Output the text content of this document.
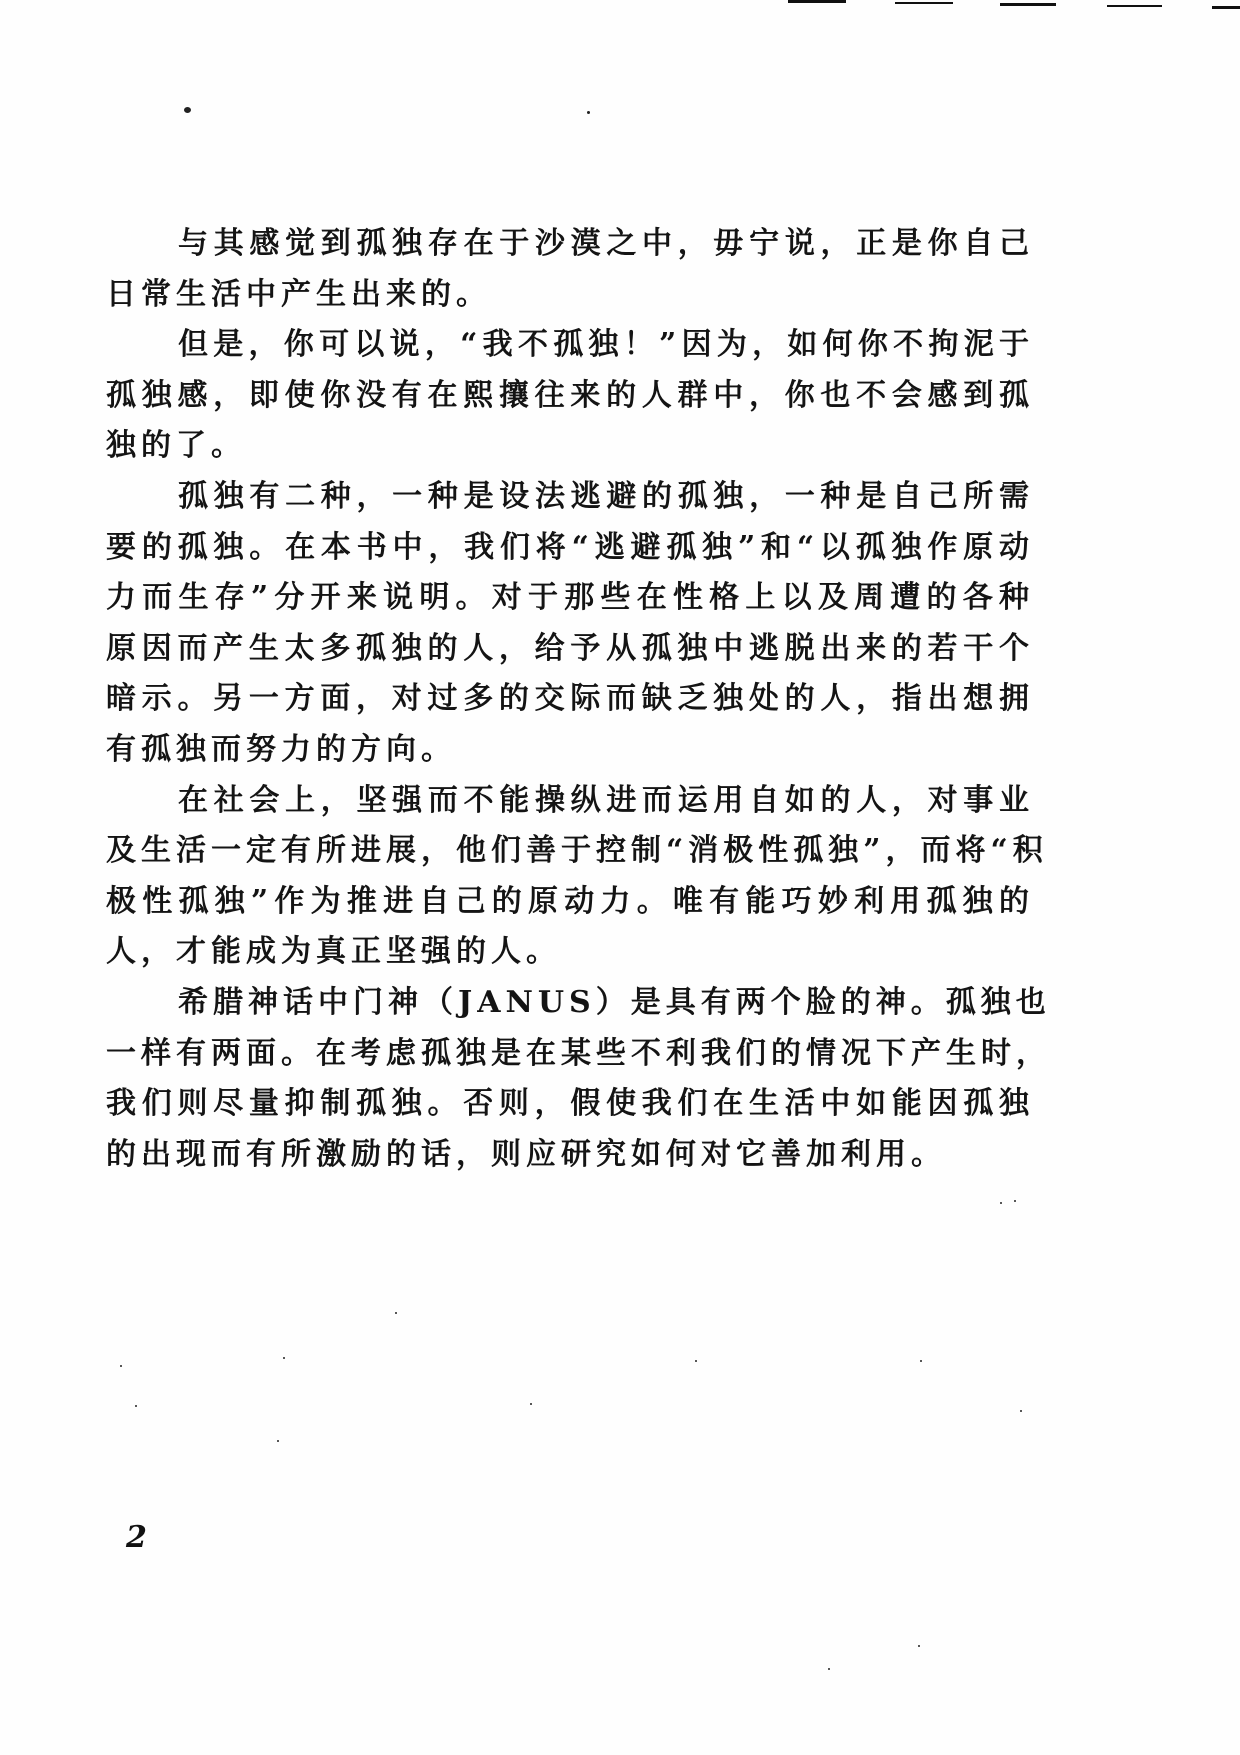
与其感觉到孤独存在于沙漠之中，毋宁说，正是你自己
日常生活中产生出来的。
但是，你可以说，“我不孤独！”因为，如何你不拘泥于
孤独感，即使你没有在熙攘往来的人群中，你也不会感到孤
独的了。
孤独有二种，一种是设法逃避的孤独，一种是自己所需
要的孤独。在本书中，我们将“逃避孤独”和“以孤独作原动
力而生存”分开来说明。对于那些在性格上以及周遭的各种
原因而产生太多孤独的人，给予从孤独中逃脱出来的若干个
暗示。另一方面，对过多的交际而缺乏独处的人，指出想拥
有孤独而努力的方向。
在社会上，坚强而不能操纵进而运用自如的人，对事业
及生活一定有所进展，他们善于控制“消极性孤独”，而将“积
极性孤独”作为推进自己的原动力。唯有能巧妙利用孤独的
人，才能成为真正坚强的人。
希腊神话中门神（JANUS）是具有两个脸的神。孤独也
一样有两面。在考虑孤独是在某些不利我们的情况下产生时，
我们则尽量抑制孤独。否则，假使我们在生活中如能因孤独
的出现而有所激励的话，则应研究如何对它善加利用。
2
